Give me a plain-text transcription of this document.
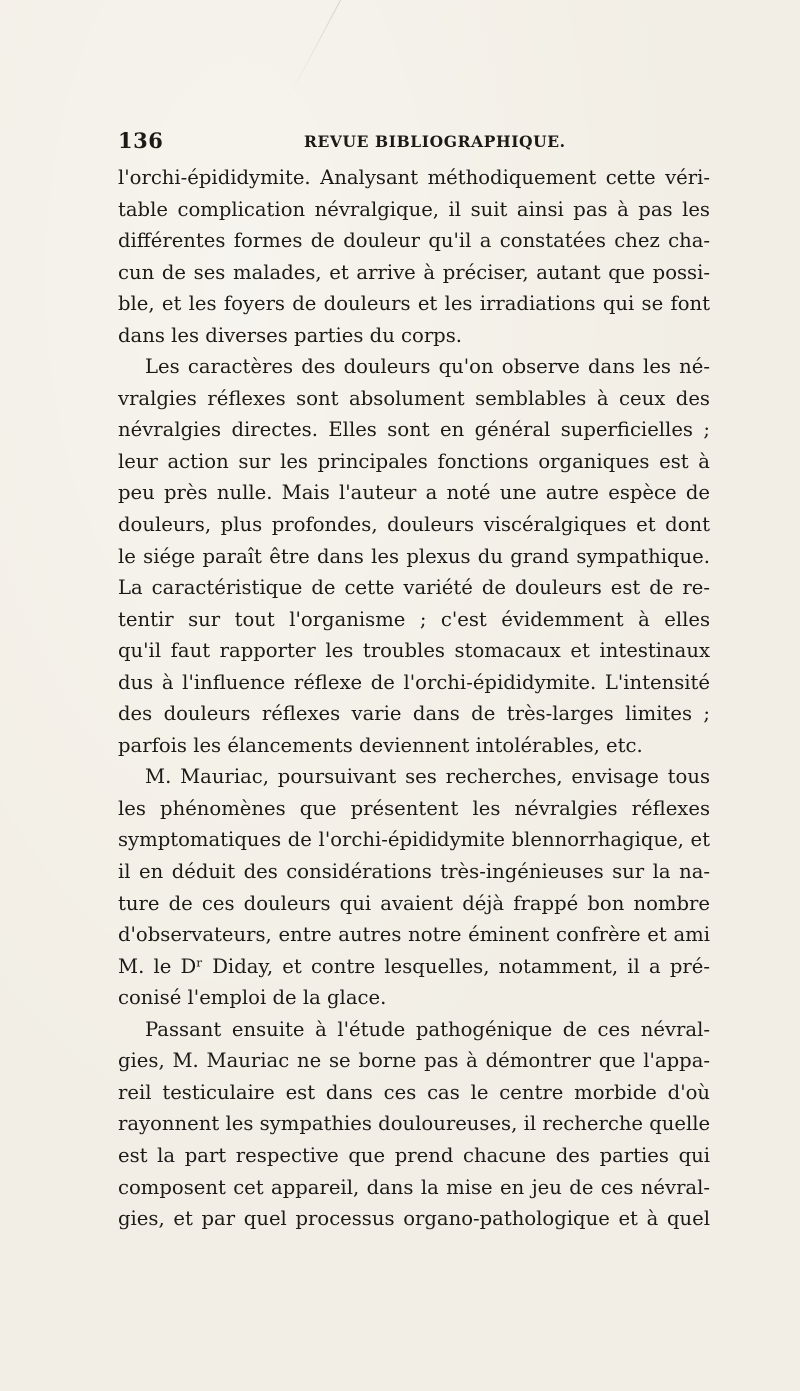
136	REVUE BIBLIOGRAPHIQUE.
l'orchi-épididymite. Analysant méthodiquement cette véri-
table complication névralgique, il suit ainsi pas à pas les
différentes formes de douleur qu'il a constatées chez cha-
cun de ses malades, et arrive à préciser, autant que possi-
ble, et les foyers de douleurs et les irradiations qui se font
dans les diverses parties du corps.
Les caractères des douleurs qu'on observe dans les né-
vralgies réflexes sont absolument semblables à ceux des
névralgies directes. Elles sont en général superficielles ;
leur action sur les principales fonctions organiques est à
peu près nulle. Mais l'auteur a noté une autre espèce de
douleurs, plus profondes, douleurs viscéralgiques et dont
le siége paraît être dans les plexus du grand sympathique.
La caractéristique de cette variété de douleurs est de re-
tentir sur tout l'organisme ; c'est évidemment à elles
qu'il faut rapporter les troubles stomacaux et intestinaux
dus à l'influence réflexe de l'orchi-épididymite. L'intensité
des douleurs réflexes varie dans de très-larges limites ;
parfois les élancements deviennent intolérables, etc.
M. Mauriac, poursuivant ses recherches, envisage tous
les phénomènes que présentent les névralgies réflexes
symptomatiques de l'orchi-épididymite blennorrhagique, et
il en déduit des considérations très-ingénieuses sur la na-
ture de ces douleurs qui avaient déjà frappé bon nombre
d'observateurs, entre autres notre éminent confrère et ami
M. le Dʳ Diday, et contre lesquelles, notamment, il a pré-
conisé l'emploi de la glace.
Passant ensuite à l'étude pathogénique de ces névral-
gies, M. Mauriac ne se borne pas à démontrer que l'appa-
reil testiculaire est dans ces cas le centre morbide d'où
rayonnent les sympathies douloureuses, il recherche quelle
est la part respective que prend chacune des parties qui
composent cet appareil, dans la mise en jeu de ces névral-
gies, et par quel processus organo-pathologique et à quel
